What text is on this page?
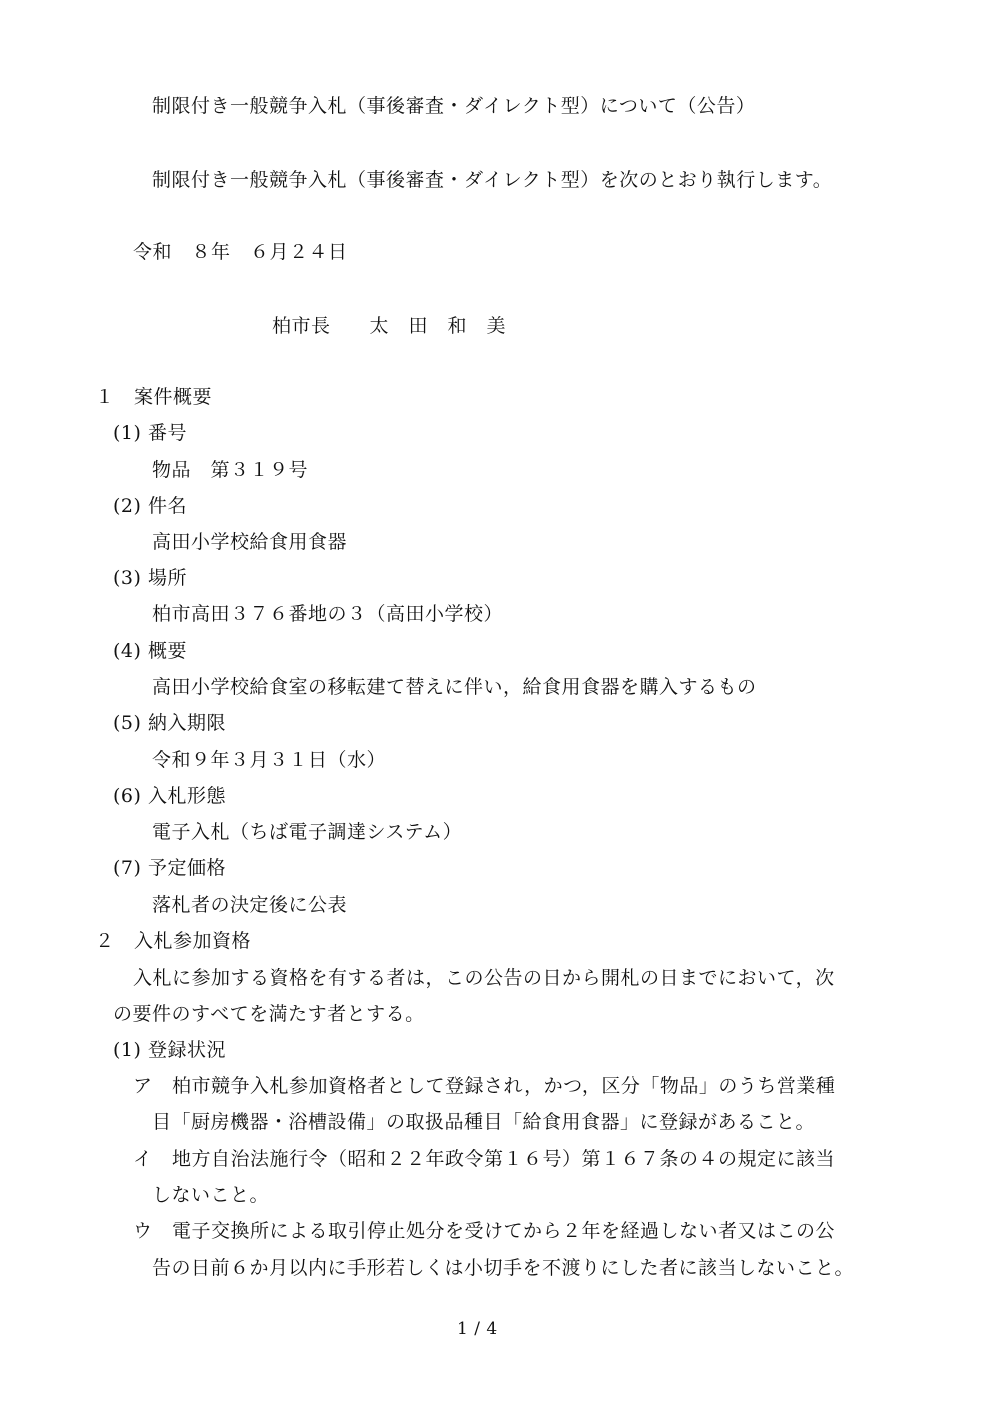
制限付き一般競争入札（事後審査・ダイレクト型）について（公告）
制限付き一般競争入札（事後審査・ダイレクト型）を次のとおり執行します。
令和　８年　６月２４日
柏市長　　太　田　和　美
１　案件概要
(1) 番号
物品　第３１９号
(2) 件名
高田小学校給食用食器
(3) 場所
柏市高田３７６番地の３（高田小学校）
(4) 概要
高田小学校給食室の移転建て替えに伴い，給食用食器を購入するもの
(5) 納入期限
令和９年３月３１日（水）
(6) 入札形態
電子入札（ちば電子調達システム）
(7) 予定価格
落札者の決定後に公表
２　入札参加資格
入札に参加する資格を有する者は，この公告の日から開札の日までにおいて，次
の要件のすべてを満たす者とする。
(1) 登録状況
ア　柏市競争入札参加資格者として登録され，かつ，区分「物品」のうち営業種
目「厨房機器・浴槽設備」の取扱品種目「給食用食器」に登録があること。
イ　地方自治法施行令（昭和２２年政令第１６号）第１６７条の４の規定に該当
しないこと。
ウ　電子交換所による取引停止処分を受けてから２年を経過しない者又はこの公
告の日前６か月以内に手形若しくは小切手を不渡りにした者に該当しないこと。
1 / 4
